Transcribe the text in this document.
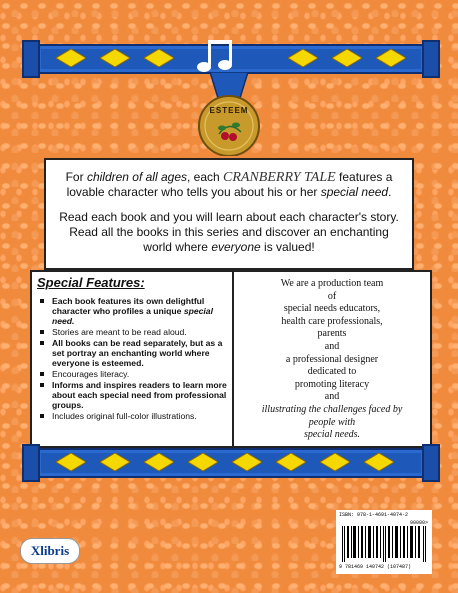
ESTEEM

For children of all ages, each CRANBERRY TALE features a lovable character who tells you about his or her special need.

Read each book and you will learn about each character's story.

Read all the books in this series and discover an enchanting world where everyone is valued!

Special Features:
Each book features its own delightful character who profiles a unique special need.
Stories are meant to be read aloud.
All books can be read separately, but as a set portray an enchanting world where everyone is esteemed.
Encourages literacy.
Informs and inspires readers to learn more about each special need from professional groups.
Includes original full-color illustrations.
We are a production team
of
special needs educators,
health care professionals,
parents
and
a professional designer
dedicated to
promoting literacy
and
illustrating the challenges faced by
people with
special needs.
Xlibris
ISBN: 978-1-4691-4074-2
90000>
9 781469 140742 (107487)
